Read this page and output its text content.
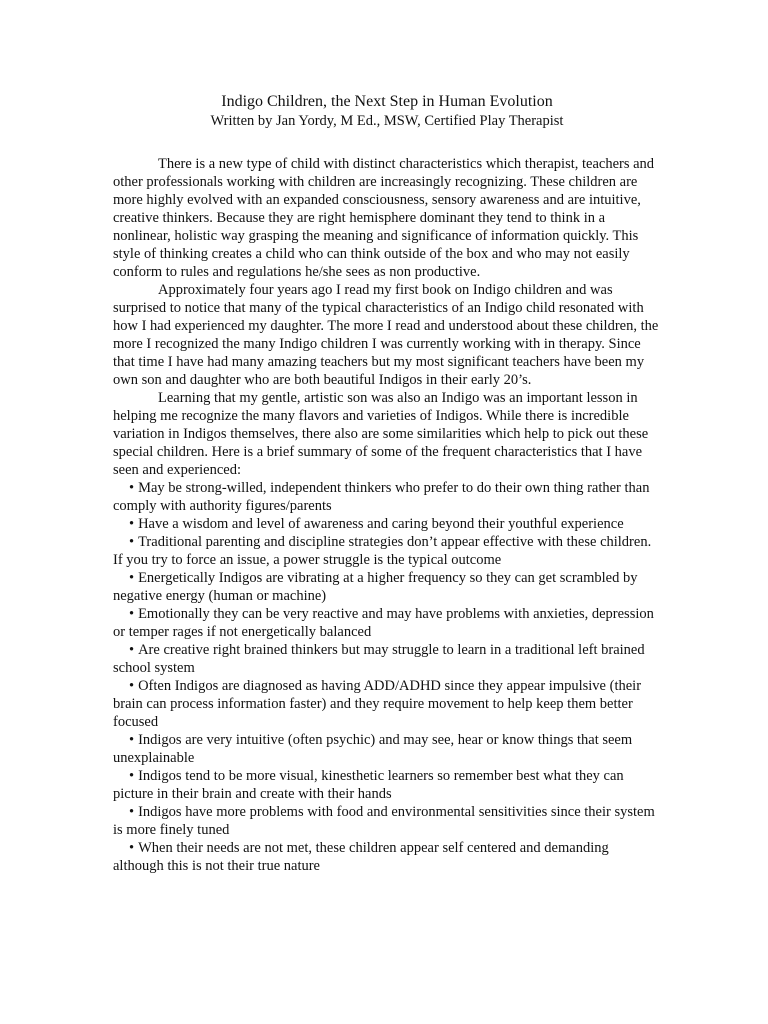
Indigo Children, the Next Step in Human Evolution

Written by Jan Yordy, M Ed., MSW, Certified Play Therapist

There is a new type of child with distinct characteristics which therapist, teachers and other professionals working with children are increasingly recognizing. These children are more highly evolved with an expanded consciousness, sensory awareness and are intuitive, creative thinkers. Because they are right hemisphere dominant they tend to think in a nonlinear, holistic way grasping the meaning and significance of information quickly. This style of thinking creates a child who can think outside of the box and who may not easily conform to rules and regulations he/she sees as non productive.

Approximately four years ago I read my first book on Indigo children and was surprised to notice that many of the typical characteristics of an Indigo child resonated with how I had experienced my daughter. The more I read and understood about these children, the more I recognized the many Indigo children I was currently working with in therapy. Since that time I have had many amazing teachers but my most significant teachers have been my own son and daughter who are both beautiful Indigos in their early 20’s.

Learning that my gentle, artistic son was also an Indigo was an important lesson in helping me recognize the many flavors and varieties of Indigos. While there is incredible variation in Indigos themselves, there also are some similarities which help to pick out these special children. Here is a brief summary of some of the frequent characteristics that I have seen and experienced:

• May be strong-willed, independent thinkers who prefer to do their own thing rather than comply with authority figures/parents

• Have a wisdom and level of awareness and caring beyond their youthful experience

• Traditional parenting and discipline strategies don’t appear effective with these children. If you try to force an issue, a power struggle is the typical outcome

• Energetically Indigos are vibrating at a higher frequency so they can get scrambled by negative energy (human or machine)

• Emotionally they can be very reactive and may have problems with anxieties, depression or temper rages if not energetically balanced

• Are creative right brained thinkers but may struggle to learn in a traditional left brained school system

• Often Indigos are diagnosed as having ADD/ADHD since they appear impulsive (their brain can process information faster) and they require movement to help keep them better focused

• Indigos are very intuitive (often psychic) and may see, hear or know things that seem unexplainable

• Indigos tend to be more visual, kinesthetic learners so remember best what they can picture in their brain and create with their hands

• Indigos have more problems with food and environmental sensitivities since their system is more finely tuned

• When their needs are not met, these children appear self centered and demanding although this is not their true nature
